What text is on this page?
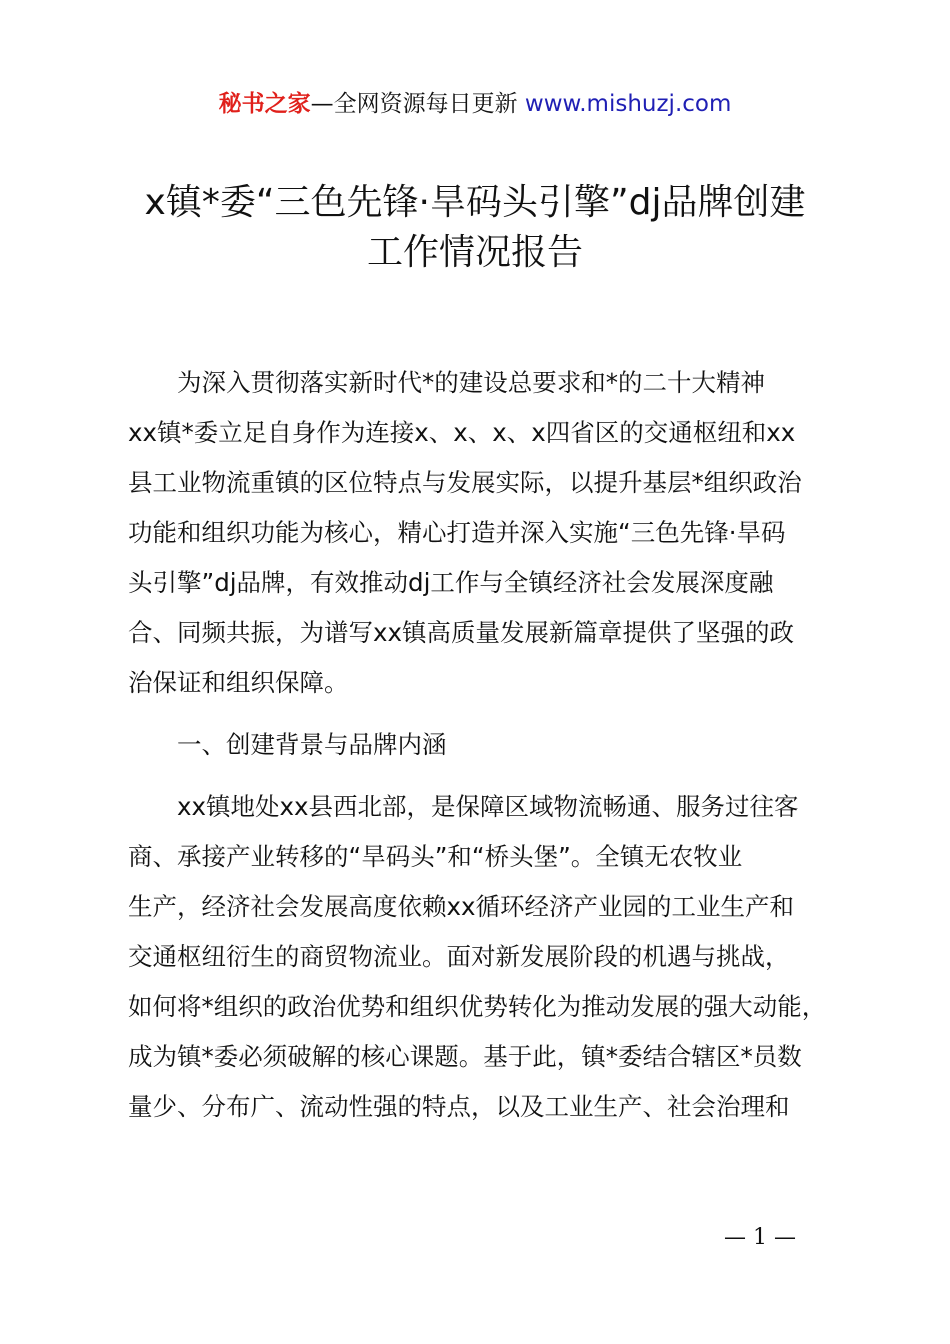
秘书之家—全网资源每日更新 www.mishuzj.com
x镇*委“三色先锋·旱码头引擎”dj品牌创建
工作情况报告

为深入贯彻落实新时代*的建设总要求和*的二十大精神
xx镇*委立足自身作为连接x、x、x、x四省区的交通枢纽和xx
县工业物流重镇的区位特点与发展实际，以提升基层*组织政治
功能和组织功能为核心，精心打造并深入实施“三色先锋·旱码
头引擎”dj品牌，有效推动dj工作与全镇经济社会发展深度融
合、同频共振，为谱写xx镇高质量发展新篇章提供了坚强的政
治保证和组织保障。

一、创建背景与品牌内涵

xx镇地处xx县西北部，是保障区域物流畅通、服务过往客
商、承接产业转移的“旱码头”和“桥头堡”。全镇无农牧业
生产，经济社会发展高度依赖xx循环经济产业园的工业生产和
交通枢纽衍生的商贸物流业。面对新发展阶段的机遇与挑战，
如何将*组织的政治优势和组织优势转化为推动发展的强大动能，
成为镇*委必须破解的核心课题。基于此，镇*委结合辖区*员数
量少、分布广、流动性强的特点，以及工业生产、社会治理和

— 1 —
